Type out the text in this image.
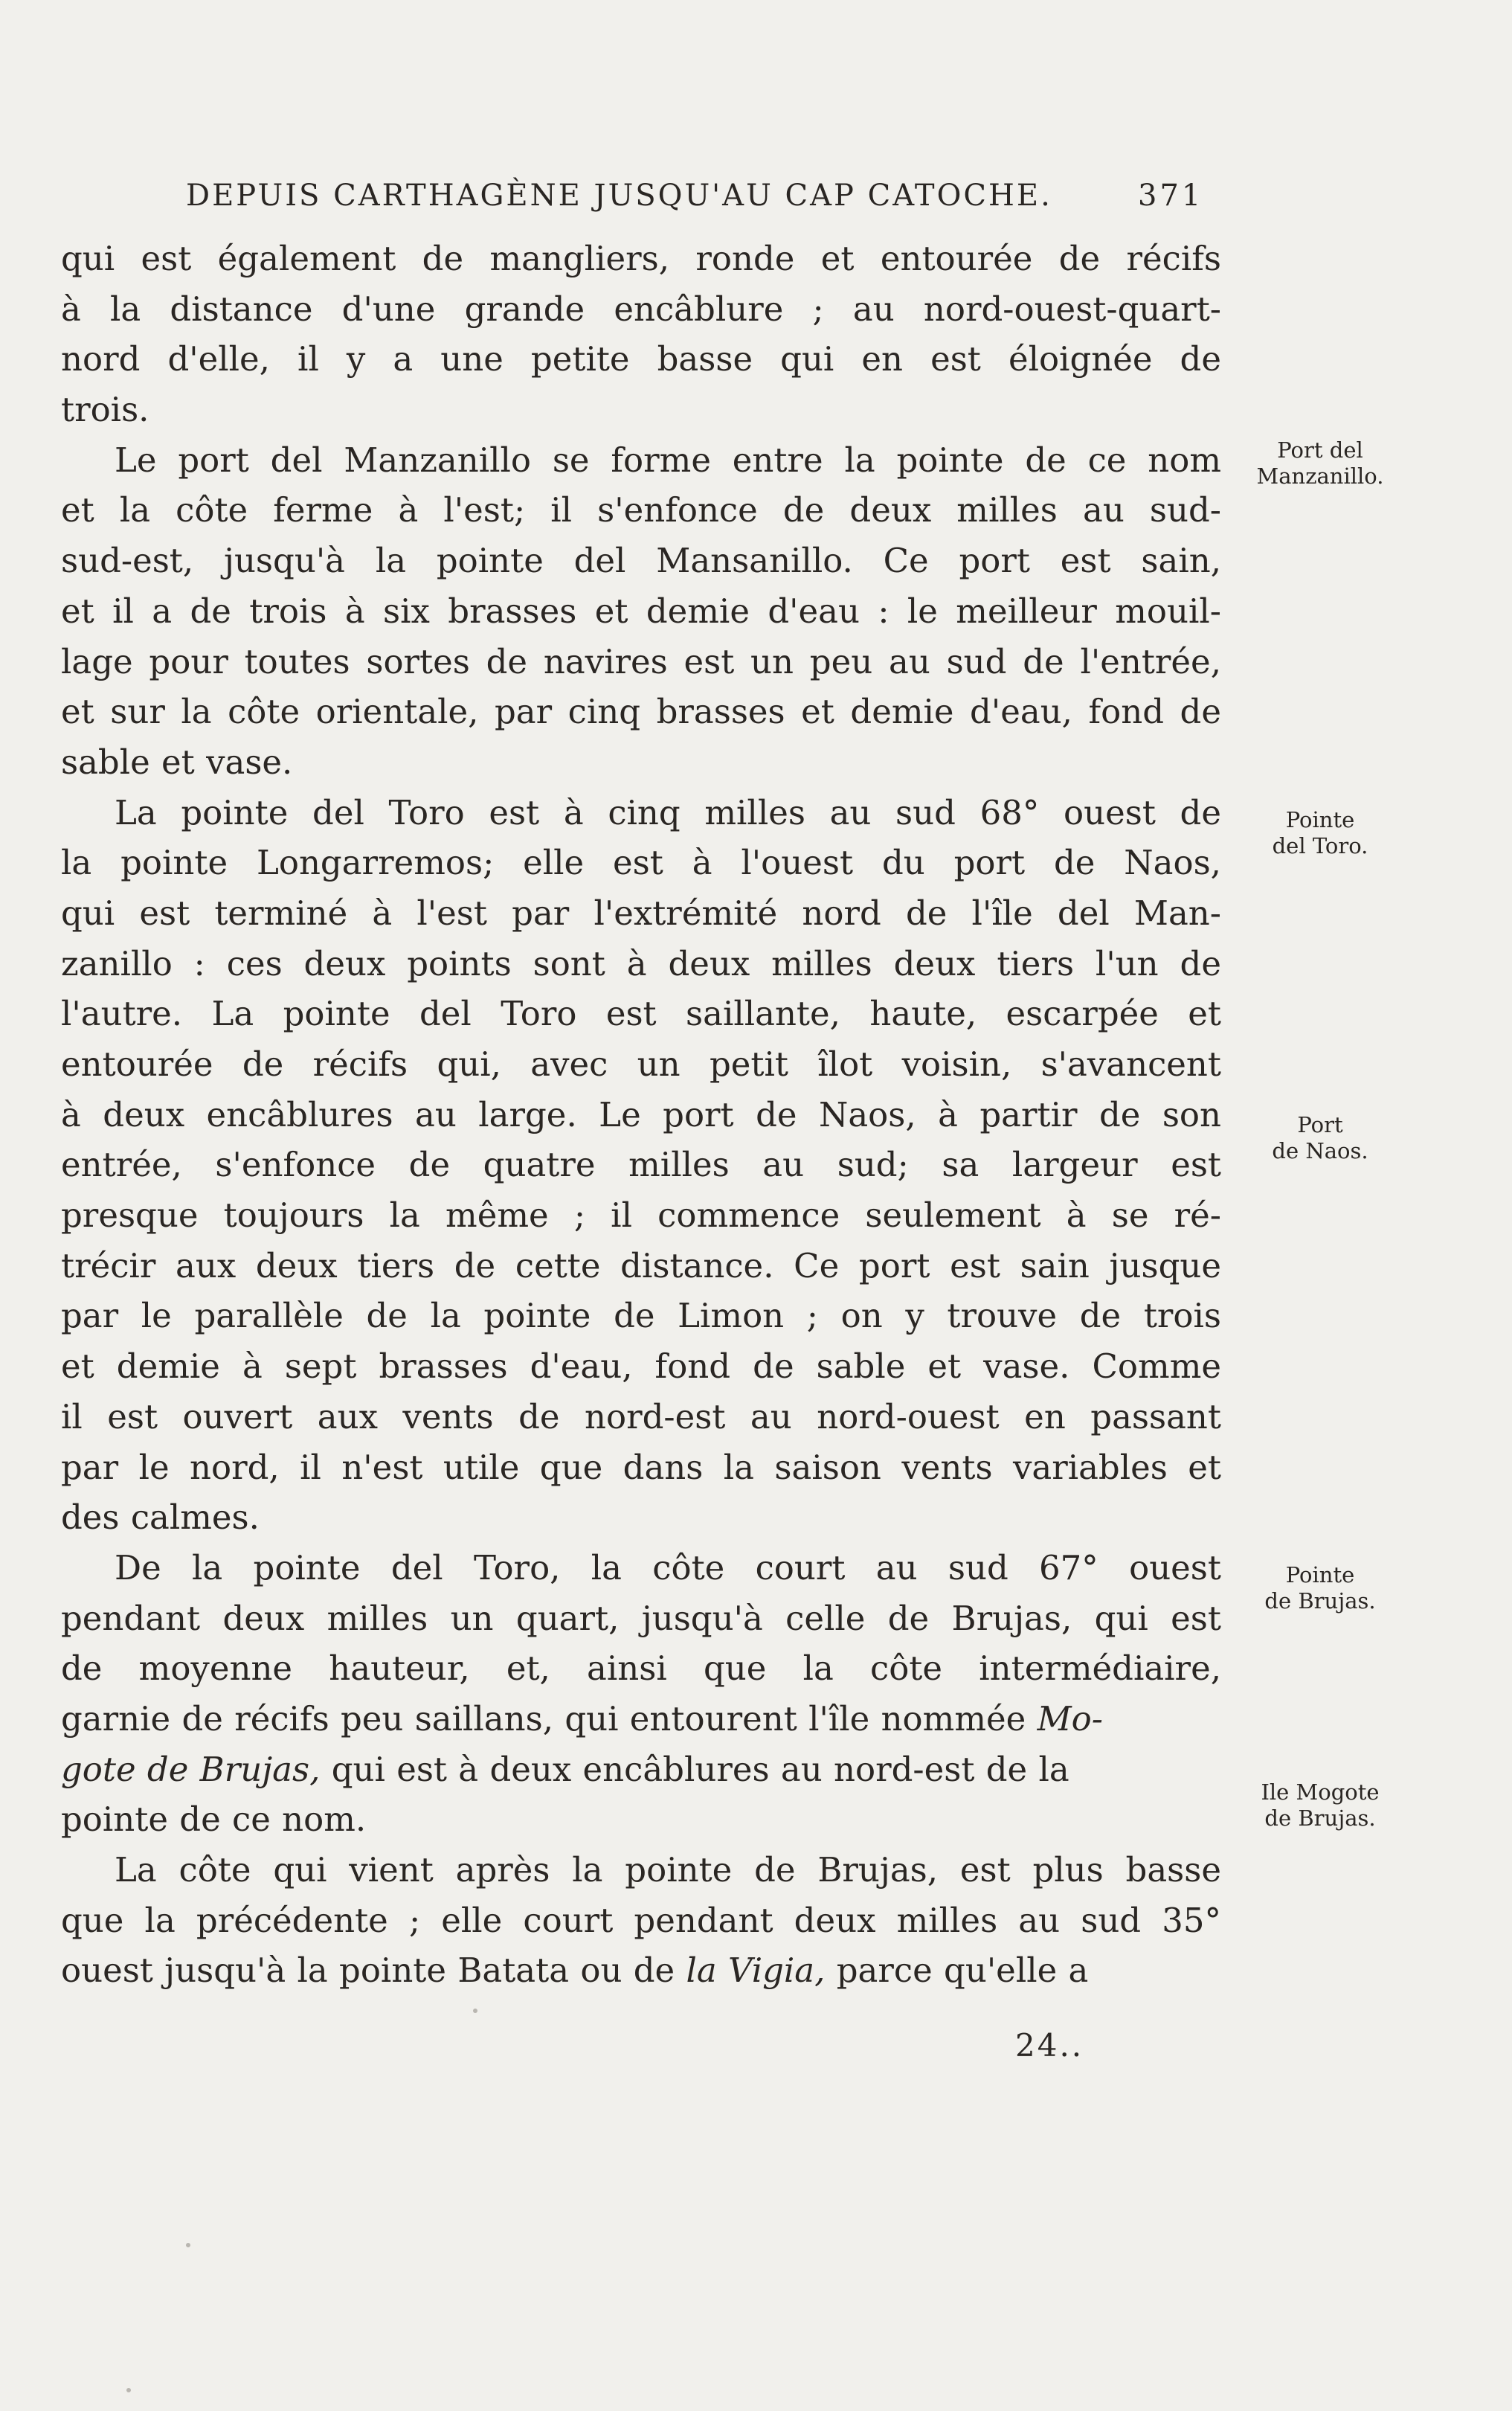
DEPUIS CARTHAGÈNE JUSQU'AU CAP CATOCHE.	371
qui est également de mangliers, ronde et entourée de récifs
à la distance d'une grande encâblure ; au nord-ouest-quart-
nord d'elle, il y a une petite basse qui en est éloignée de
trois.
Le port del Manzanillo se forme entre la pointe de ce nom
et la côte ferme à l'est; il s'enfonce de deux milles au sud-
sud-est, jusqu'à la pointe del Mansanillo. Ce port est sain,
et il a de trois à six brasses et demie d'eau : le meilleur mouil-
lage pour toutes sortes de navires est un peu au sud de l'entrée,
et sur la côte orientale, par cinq brasses et demie d'eau, fond de
sable et vase.
La pointe del Toro est à cinq milles au sud 68° ouest de
la pointe Longarremos; elle est à l'ouest du port de Naos,
qui est terminé à l'est par l'extrémité nord de l'île del Man-
zanillo : ces deux points sont à deux milles deux tiers l'un de
l'autre. La pointe del Toro est saillante, haute, escarpée et
entourée de récifs qui, avec un petit îlot voisin, s'avancent
à deux encâblures au large. Le port de Naos, à partir de son
entrée, s'enfonce de quatre milles au sud; sa largeur est
presque toujours la même ; il commence seulement à se ré-
trécir aux deux tiers de cette distance. Ce port est sain jusque
par le parallèle de la pointe de Limon ; on y trouve de trois
et demie à sept brasses d'eau, fond de sable et vase. Comme
il est ouvert aux vents de nord-est au nord-ouest en passant
par le nord, il n'est utile que dans la saison vents variables et
des calmes.
De la pointe del Toro, la côte court au sud 67° ouest
pendant deux milles un quart, jusqu'à celle de Brujas, qui est
de moyenne hauteur, et, ainsi que la côte intermédiaire,
garnie de récifs peu saillans, qui entourent l'île nommée Mo-
gote de Brujas, qui est à deux encâblures au nord-est de la
pointe de ce nom.
La côte qui vient après la pointe de Brujas, est plus basse
que la précédente ; elle court pendant deux milles au sud 35°
ouest jusqu'à la pointe Batata ou de la Vigia, parce qu'elle a
Port del
Manzanillo.
Pointe
del Toro.
Port
de Naos.
Pointe
de Brujas.
Ile Mogote
de Brujas.
24..
